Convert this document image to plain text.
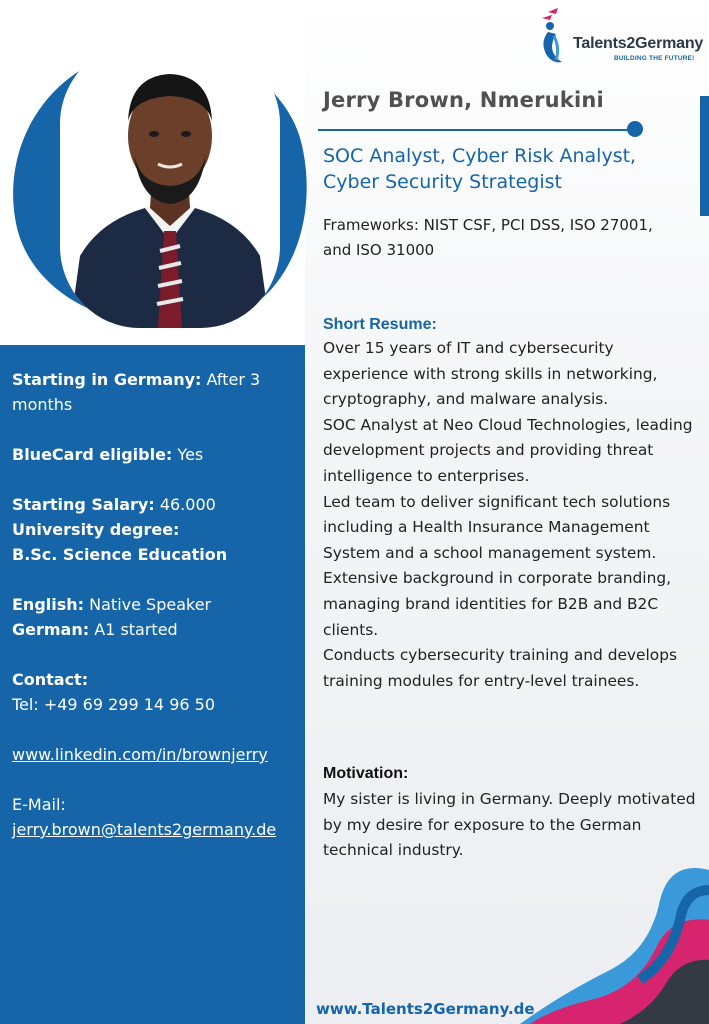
Talents2Germany
BUILDING THE FUTURE!
Jerry Brown, Nmerukini
SOC Analyst, Cyber Risk Analyst, Cyber Security Strategist
Frameworks: NIST CSF, PCI DSS, ISO 27001, and ISO 31000
Starting in Germany: After 3 months
BlueCard eligible: Yes
Starting Salary: 46.000
University degree:
B.Sc. Science Education
English: Native Speaker
German: A1 started
Contact:
Tel: +49 69 299 14 96 50
www.linkedin.com/in/brownjerry
E-Mail:
jerry.brown@talents2germany.de
Short Resume:
Over 15 years of IT and cybersecurity experience with strong skills in networking, cryptography, and malware analysis.
SOC Analyst at Neo Cloud Technologies, leading development projects and providing threat intelligence to enterprises.
Led team to deliver significant tech solutions including a Health Insurance Management System and a school management system.
Extensive background in corporate branding, managing brand identities for B2B and B2C clients.
Conducts cybersecurity training and develops training modules for entry-level trainees.
Motivation:
My sister is living in Germany. Deeply motivated by my desire for exposure to the German technical industry.
www.Talents2Germany.de
